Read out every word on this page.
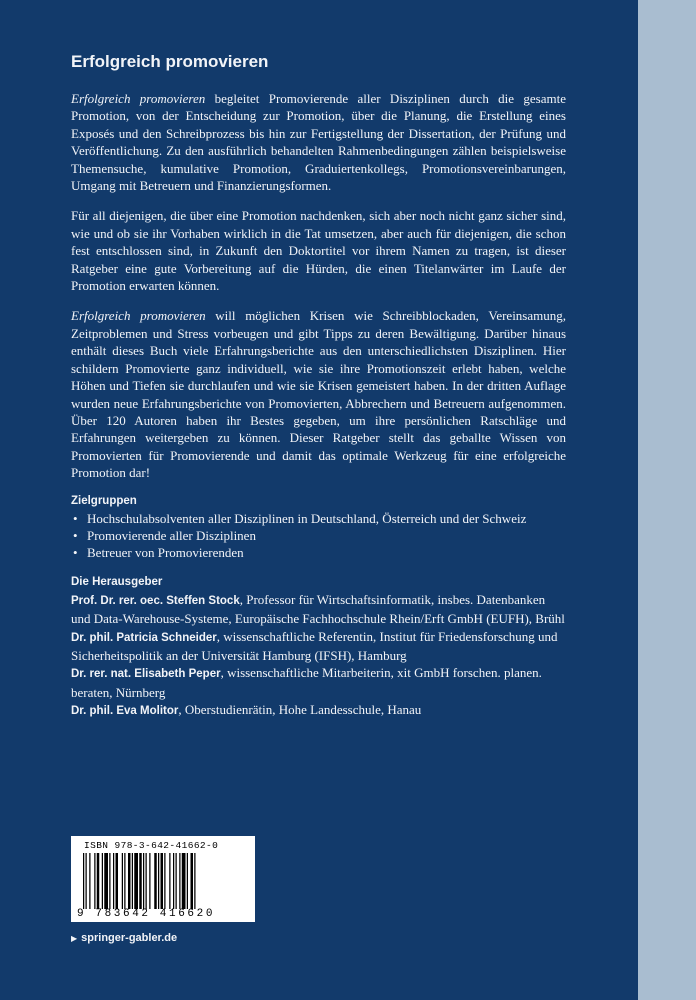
Erfolgreich promovieren

Erfolgreich promovieren begleitet Promovierende aller Disziplinen durch die gesamte Promotion, von der Entscheidung zur Promotion, über die Planung, die Erstellung eines Exposés und den Schreibprozess bis hin zur Fertigstellung der Dissertation, der Prüfung und Veröffentlichung. Zu den ausführlich behandelten Rahmenbedingungen zählen beispielsweise Themensuche, kumulative Promotion, Graduiertenkollegs, Promotionsvereinbarungen, Umgang mit Betreuern und Finanzierungsformen.

Für all diejenigen, die über eine Promotion nachdenken, sich aber noch nicht ganz sicher sind, wie und ob sie ihr Vorhaben wirklich in die Tat umsetzen, aber auch für diejenigen, die schon fest entschlossen sind, in Zukunft den Doktortitel vor ihrem Namen zu tragen, ist dieser Ratgeber eine gute Vorbereitung auf die Hürden, die einen Titelanwärter im Laufe der Promotion erwarten können.

Erfolgreich promovieren will möglichen Krisen wie Schreibblockaden, Vereinsamung, Zeitproblemen und Stress vorbeugen und gibt Tipps zu deren Bewältigung. Darüber hinaus enthält dieses Buch viele Erfahrungsberichte aus den unterschiedlichsten Disziplinen. Hier schildern Promovierte ganz individuell, wie sie ihre Promotionszeit erlebt haben, welche Höhen und Tiefen sie durchlaufen und wie sie Krisen gemeistert haben. In der dritten Auflage wurden neue Erfahrungsberichte von Promovierten, Abbrechern und Betreuern aufgenommen. Über 120 Autoren haben ihr Bestes gegeben, um ihre persönlichen Ratschläge und Erfahrungen weitergeben zu können. Dieser Ratgeber stellt das geballte Wissen von Promovierten für Promovierende und damit das optimale Werkzeug für eine erfolgreiche Promotion dar!

Zielgruppen
• Hochschulabsolventen aller Disziplinen in Deutschland, Österreich und der Schweiz
• Promovierende aller Disziplinen
• Betreuer von Promovierenden
Die Herausgeber

Prof. Dr. rer. oec. Steffen Stock, Professor für Wirtschaftsinformatik, insbes. Datenbanken und Data-Warehouse-Systeme, Europäische Fachhochschule Rhein/Erft GmbH (EUFH), Brühl

Dr. phil. Patricia Schneider, wissenschaftliche Referentin, Institut für Friedensforschung und Sicherheitspolitik an der Universität Hamburg (IFSH), Hamburg

Dr. rer. nat. Elisabeth Peper, wissenschaftliche Mitarbeiterin, xit GmbH forschen. planen. beraten, Nürnberg

Dr. phil. Eva Molitor, Oberstudienrätin, Hohe Landesschule, Hanau

ISBN 978-3-642-41662-0
9 783642 416620
▶ springer-gabler.de
